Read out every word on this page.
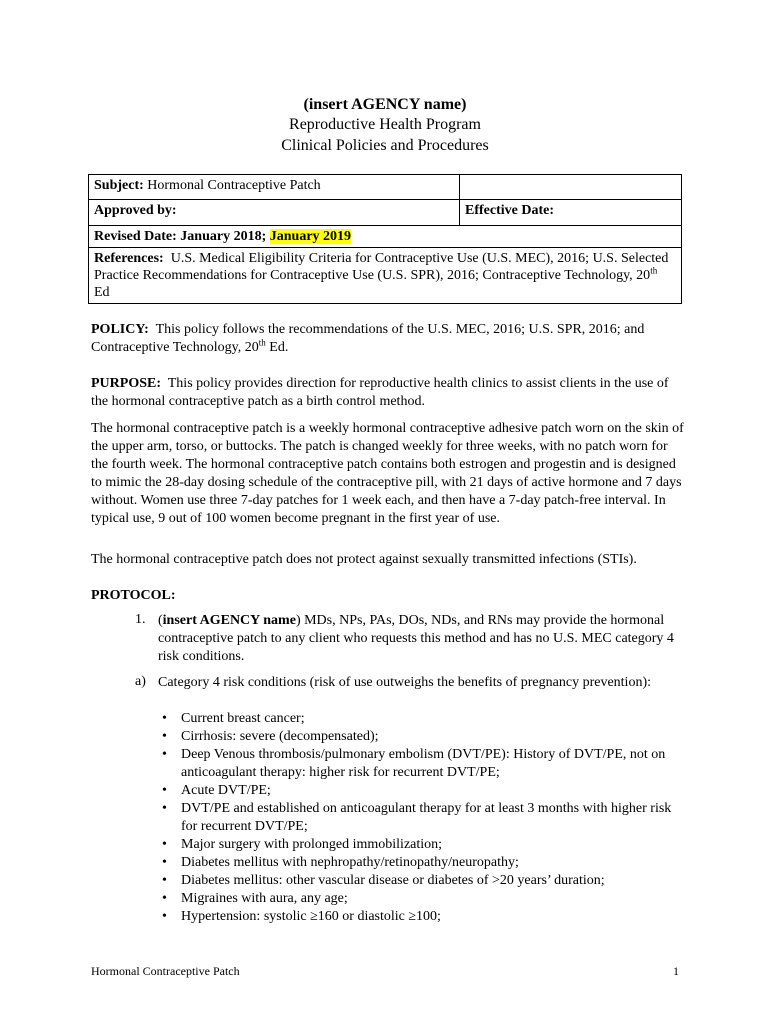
(insert AGENCY name)
Reproductive Health Program
Clinical Policies and Procedures
Subject: Hormonal Contraceptive Patch	
Approved by:	Effective Date:
Revised Date: January 2018; January 2019	
References: U.S. Medical Eligibility Criteria for Contraceptive Use (U.S. MEC), 2016; U.S. Selected Practice Recommendations for Contraceptive Use (U.S. SPR), 2016; Contraceptive Technology, 20th Ed	
POLICY: This policy follows the recommendations of the U.S. MEC, 2016; U.S. SPR, 2016; and Contraceptive Technology, 20th Ed.
PURPOSE: This policy provides direction for reproductive health clinics to assist clients in the use of the hormonal contraceptive patch as a birth control method.
The hormonal contraceptive patch is a weekly hormonal contraceptive adhesive patch worn on the skin of the upper arm, torso, or buttocks. The patch is changed weekly for three weeks, with no patch worn for the fourth week. The hormonal contraceptive patch contains both estrogen and progestin and is designed to mimic the 28-day dosing schedule of the contraceptive pill, with 21 days of active hormone and 7 days without. Women use three 7-day patches for 1 week each, and then have a 7-day patch-free interval. In typical use, 9 out of 100 women become pregnant in the first year of use.
The hormonal contraceptive patch does not protect against sexually transmitted infections (STIs).
PROTOCOL:
1. (insert AGENCY name) MDs, NPs, PAs, DOs, NDs, and RNs may provide the hormonal contraceptive patch to any client who requests this method and has no U.S. MEC category 4 risk conditions.
a) Category 4 risk conditions (risk of use outweighs the benefits of pregnancy prevention):
• Current breast cancer;
• Cirrhosis: severe (decompensated);
• Deep Venous thrombosis/pulmonary embolism (DVT/PE): History of DVT/PE, not on anticoagulant therapy: higher risk for recurrent DVT/PE;
• Acute DVT/PE;
• DVT/PE and established on anticoagulant therapy for at least 3 months with higher risk for recurrent DVT/PE;
• Major surgery with prolonged immobilization;
• Diabetes mellitus with nephropathy/retinopathy/neuropathy;
• Diabetes mellitus: other vascular disease or diabetes of >20 years’ duration;
• Migraines with aura, any age;
• Hypertension: systolic ≥160 or diastolic ≥100;
Hormonal Contraceptive Patch	1
